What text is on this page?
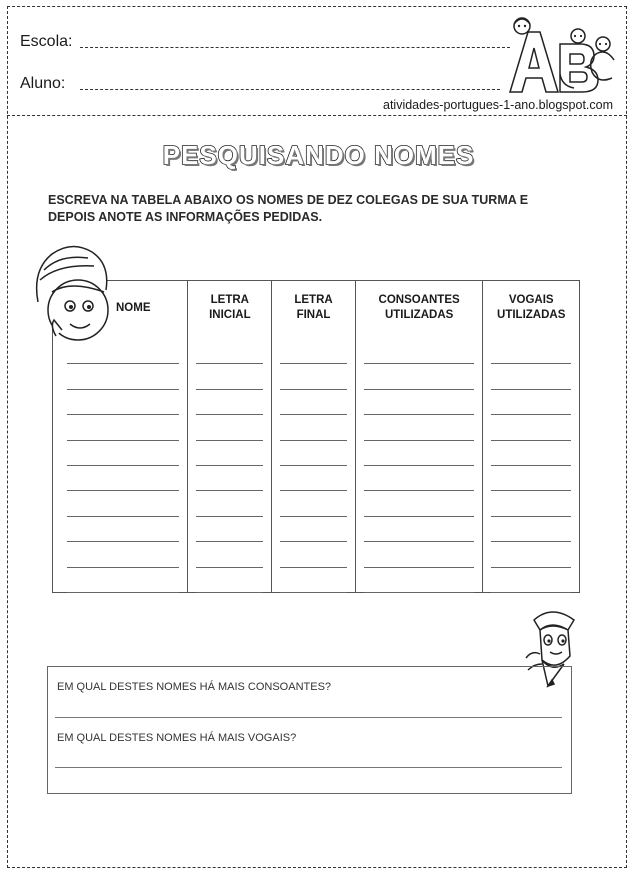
Escola:
Aluno:
atividades-portugues-1-ano.blogspot.com
PESQUISANDO NOMES
ESCREVA NA TABELA ABAIXO OS NOMES DE DEZ COLEGAS DE SUA TURMA E DEPOIS ANOTE AS INFORMAÇÕES PEDIDAS.
NOME
LETRA
INICIAL
LETRA
FINAL
CONSOANTES
UTILIZADAS
VOGAIS
UTILIZADAS
EM QUAL DESTES NOMES HÁ MAIS CONSOANTES?
EM QUAL DESTES NOMES HÁ MAIS VOGAIS?
